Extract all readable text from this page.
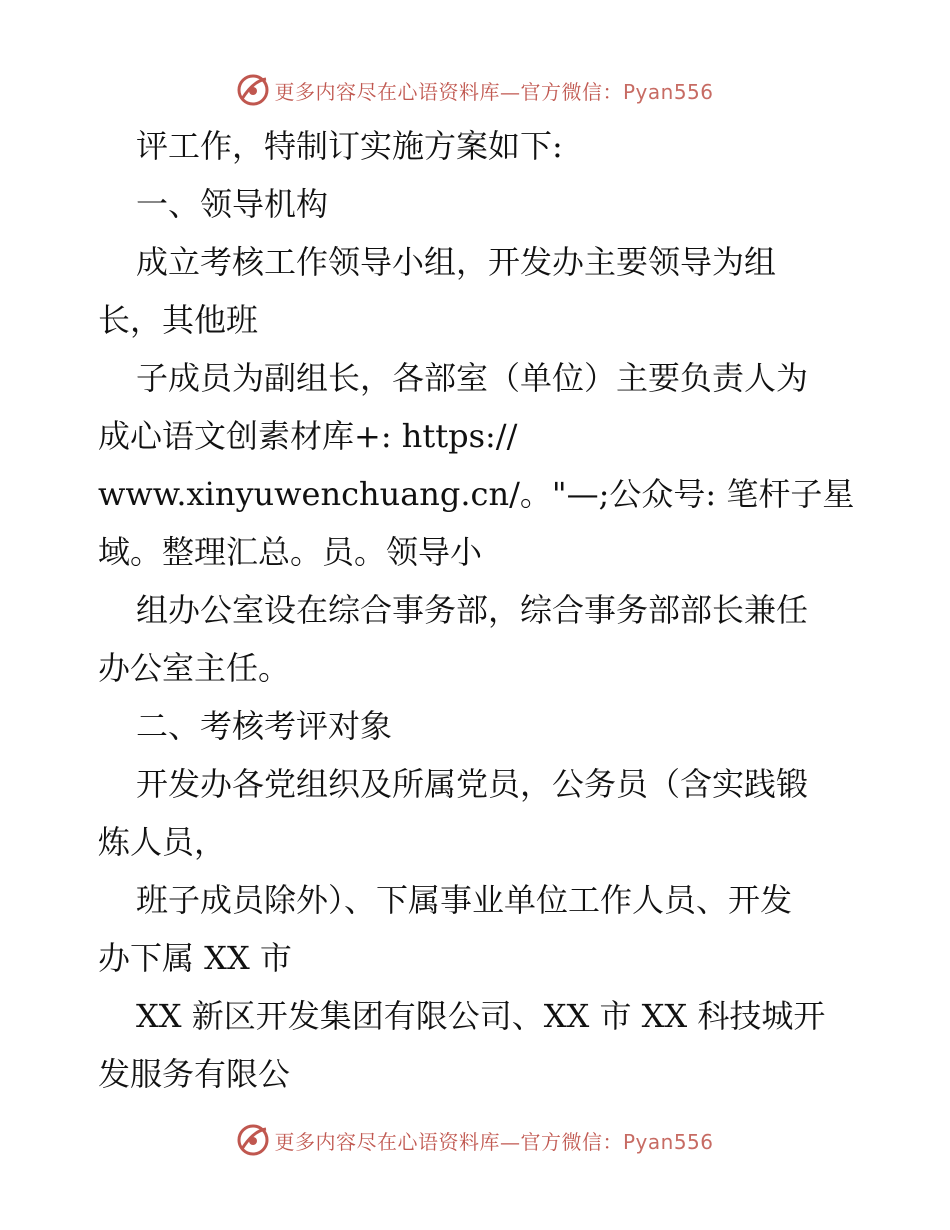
更多内容尽在心语资料库—官方微信：Pyan556
评工作，特制订实施方案如下:
一、领导机构
成立考核工作领导小组，开发办主要领导为组
长，其他班
子成员为副组长，各部室（单位）主要负责人为
成心语文创素材库+: https://
www.xinyuwenchuang.cn/。"—;公众号: 笔杆子星
域。整理汇总。员。领导小
组办公室设在综合事务部，综合事务部部长兼任
办公室主任。
二、考核考评对象
开发办各党组织及所属党员，公务员（含实践锻
炼人员，
班子成员除外）、下属事业单位工作人员、开发
办下属 XX 市
XX 新区开发集团有限公司、XX 市 XX 科技城开
发服务有限公
更多内容尽在心语资料库—官方微信：Pyan556
